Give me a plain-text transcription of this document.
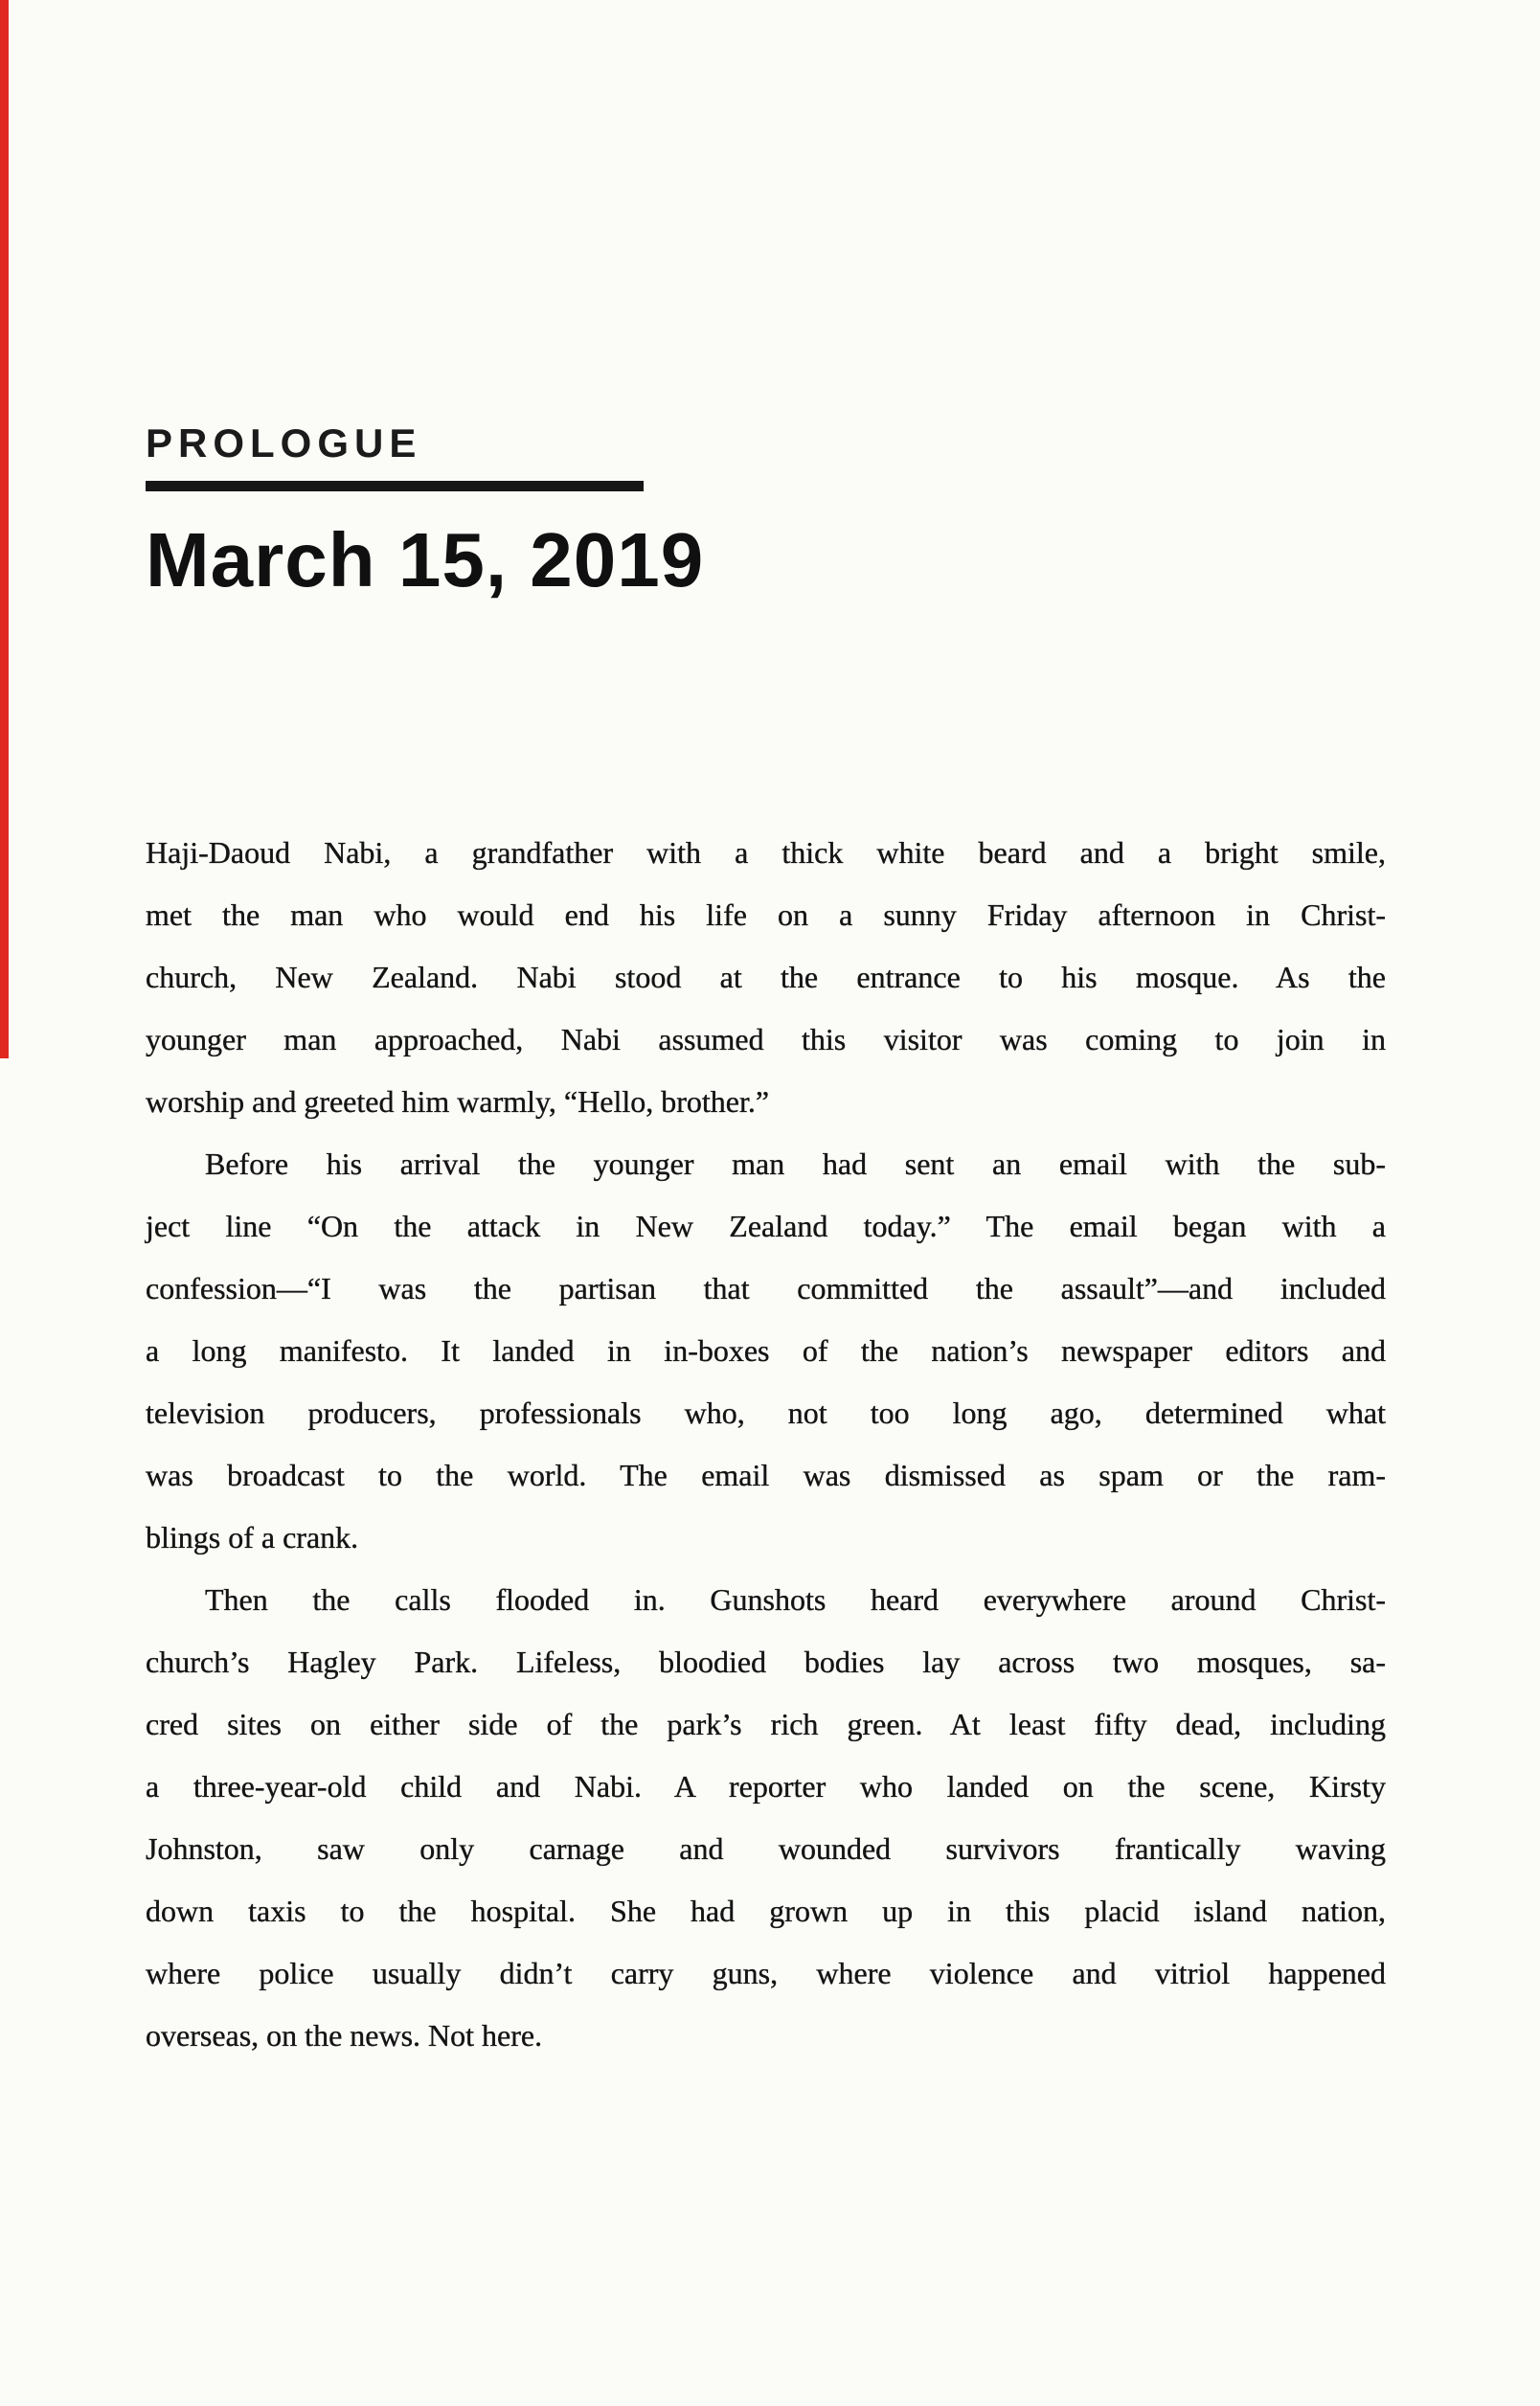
PROLOGUE
March 15, 2019
Haji-Daoud Nabi, a grandfather with a thick white beard and a bright smile,
met the man who would end his life on a sunny Friday afternoon in Christ-
church, New Zealand. Nabi stood at the entrance to his mosque. As the
younger man approached, Nabi assumed this visitor was coming to join in
worship and greeted him warmly, “Hello, brother.”
Before his arrival the younger man had sent an email with the sub-
ject line “On the attack in New Zealand today.” The email began with a
confession—“I was the partisan that committed the assault”—and included
a long manifesto. It landed in in-boxes of the nation’s newspaper editors and
television producers, professionals who, not too long ago, determined what
was broadcast to the world. The email was dismissed as spam or the ram-
blings of a crank.
Then the calls flooded in. Gunshots heard everywhere around Christ-
church’s Hagley Park. Lifeless, bloodied bodies lay across two mosques, sa-
cred sites on either side of the park’s rich green. At least fifty dead, including
a three-year-old child and Nabi. A reporter who landed on the scene, Kirsty
Johnston, saw only carnage and wounded survivors frantically waving
down taxis to the hospital. She had grown up in this placid island nation,
where police usually didn’t carry guns, where violence and vitriol happened
overseas, on the news. Not here.
